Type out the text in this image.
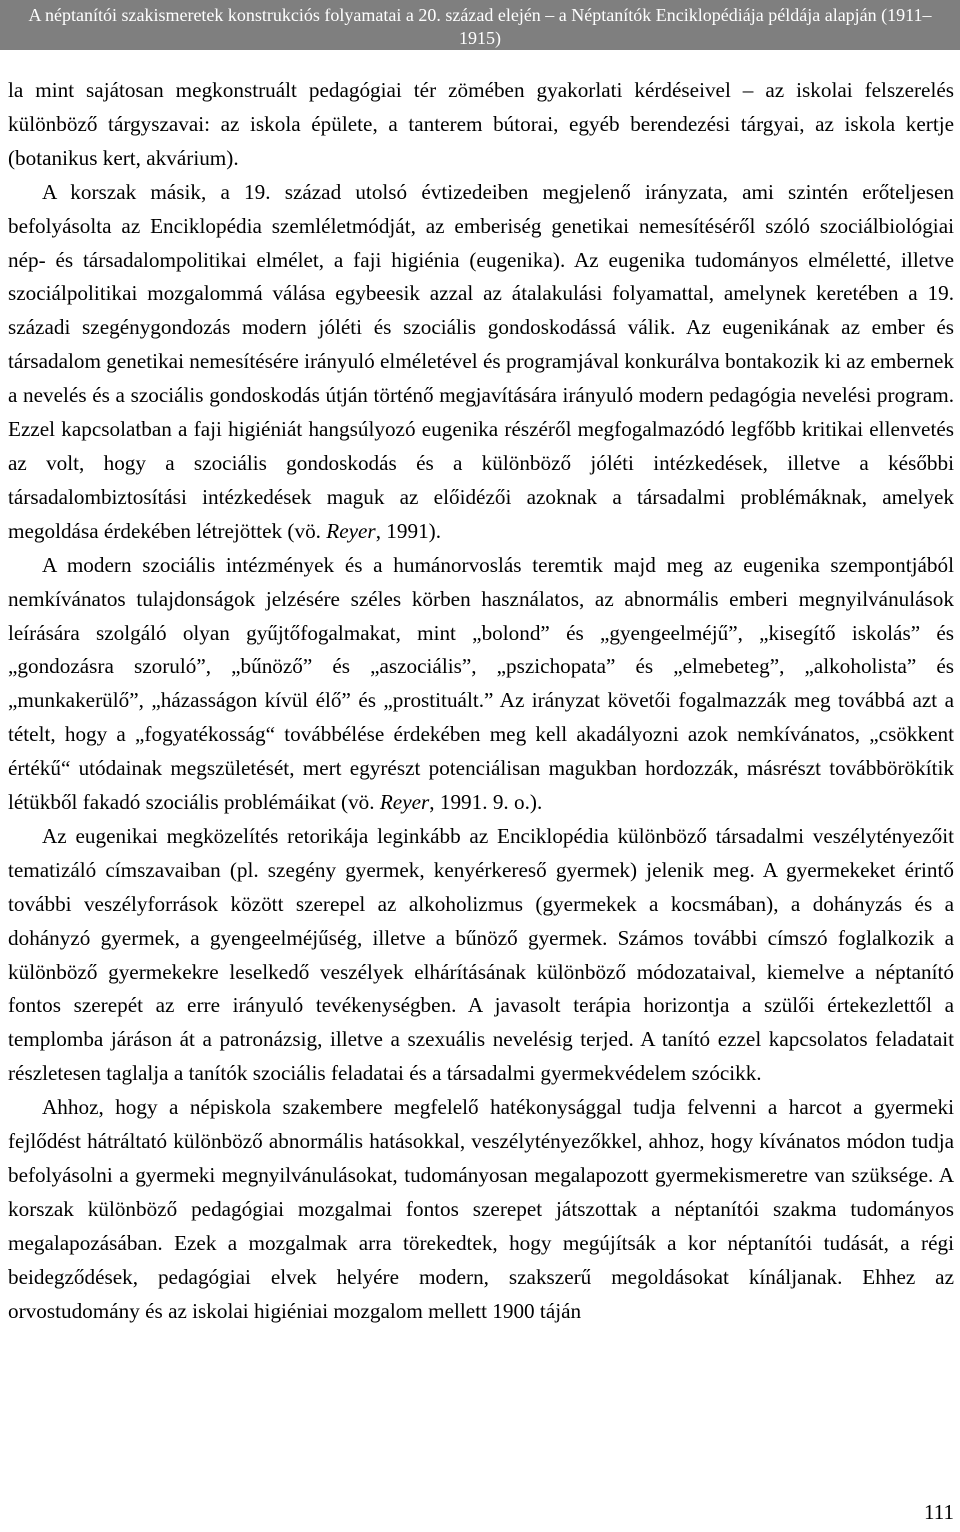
A néptanítói szakismeretek konstrukciós folyamatai a 20. század elején – a Néptanítók Enciklopédiája példája alapján (1911–1915)

la mint sajátosan megkonstruált pedagógiai tér zömében gyakorlati kérdéseivel – az iskolai felszerelés különböző tárgyszavai: az iskola épülete, a tanterem bútorai, egyéb berendezési tárgyai, az iskola kertje (botanikus kert, akvárium).

A korszak másik, a 19. század utolsó évtizedeiben megjelenő irányzata, ami szintén erőteljesen befolyásolta az Enciklopédia szemléletmódját, az emberiség genetikai nemesítéséről szóló szociálbiológiai nép- és társadalompolitikai elmélet, a faji higiénia (eugenika). Az eugenika tudományos elméletté, illetve szociálpolitikai mozgalommá válása egybeesik azzal az átalakulási folyamattal, amelynek keretében a 19. századi szegénygondozás modern jóléti és szociális gondoskodássá válik. Az eugenikának az ember és társadalom genetikai nemesítésére irányuló elméletével és programjával konkurálva bontakozik ki az embernek a nevelés és a szociális gondoskodás útján történő megjavítására irányuló modern pedagógia nevelési program. Ezzel kapcsolatban a faji higiéniát hangsúlyozó eugenika részéről megfogalmazódó legfőbb kritikai ellenvetés az volt, hogy a szociális gondoskodás és a különböző jóléti intézkedések, illetve a későbbi társadalombiztosítási intézkedések maguk az előidézői azoknak a társadalmi problémáknak, amelyek megoldása érdekében létrejöttek (vö. Reyer, 1991).

A modern szociális intézmények és a humánorvoslás teremtik majd meg az eugenika szempontjából nemkívánatos tulajdonságok jelzésére széles körben használatos, az abnormális emberi megnyilvánulások leírására szolgáló olyan gyűjtőfogalmakat, mint „bolond” és „gyengeelméjű”, „kisegítő iskolás” és „gondozásra szoruló”, „bűnöző” és „aszociális”, „pszichopata” és „elmebeteg”, „alkoholista” és „munkakerülő”, „házasságon kívül élő” és „prostituált.” Az irányzat követői fogalmazzák meg továbbá azt a tételt, hogy a „fogyatékosság“ továbbélése érdekében meg kell akadályozni azok nemkívánatos, „csökkent értékű“ utódainak megszületését, mert egyrészt potenciálisan magukban hordozzák, másrészt továbbörökítik létükből fakadó szociális problémáikat (vö. Reyer, 1991. 9. o.).

Az eugenikai megközelítés retorikája leginkább az Enciklopédia különböző társadalmi veszélytényezőit tematizáló címszavaiban (pl. szegény gyermek, kenyérkereső gyermek) jelenik meg. A gyermekeket érintő további veszélyforrások között szerepel az alkoholizmus (gyermekek a kocsmában), a dohányzás és a dohányzó gyermek, a gyengeelméjűség, illetve a bűnöző gyermek. Számos további címszó foglalkozik a különböző gyermekekre leselkedő veszélyek elhárításának különböző módozataival, kiemelve a néptanító fontos szerepét az erre irányuló tevékenységben. A javasolt terápia horizontja a szülői értekezlettől a templomba járáson át a patronázsig, illetve a szexuális nevelésig terjed. A tanító ezzel kapcsolatos feladatait részletesen taglalja a tanítók szociális feladatai és a társadalmi gyermekvédelem szócikk.

Ahhoz, hogy a népiskola szakembere megfelelő hatékonysággal tudja felvenni a harcot a gyermeki fejlődést hátráltató különböző abnormális hatásokkal, veszélytényezőkkel, ahhoz, hogy kívánatos módon tudja befolyásolni a gyermeki megnyilvánulásokat, tudományosan megalapozott gyermekismeretre van szüksége. A korszak különböző pedagógiai mozgalmai fontos szerepet játszottak a néptanítói szakma tudományos megalapozásában. Ezek a mozgalmak arra törekedtek, hogy megújítsák a kor néptanítói tudását, a régi beidegződések, pedagógiai elvek helyére modern, szakszerű megoldásokat kínáljanak. Ehhez az orvostudomány és az iskolai higiéniai mozgalom mellett 1900 táján

111
